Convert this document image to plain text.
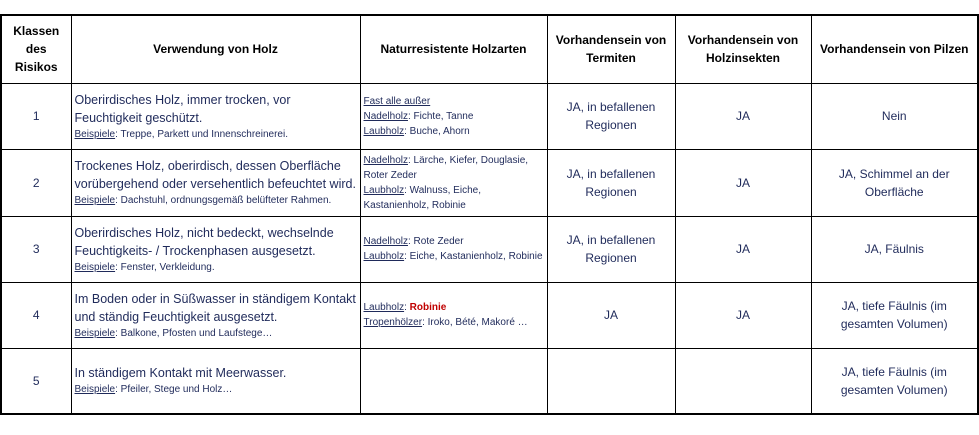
Klassen des Risikos	Verwendung von Holz	Naturresistente Holzarten	Vorhandensein von Termiten	Vorhandensein von Holzinsekten	Vorhandensein von Pilzen
1	Oberirdisches Holz, immer trocken, vor Feuchtigkeit geschützt.
Beispiele: Treppe, Parkett und Innenschreinerei.	Fast alle außer
Nadelholz: Fichte, Tanne
Laubholz: Buche, Ahorn	JA, in befallenen Regionen	JA	Nein
2	Trockenes Holz, oberirdisch, dessen Oberfläche vorübergehend oder versehentlich befeuchtet wird.
Beispiele: Dachstuhl, ordnungsgemäß belüfteter Rahmen.	Nadelholz: Lärche, Kiefer, Douglasie, Roter Zeder
Laubholz: Walnuss, Eiche, Kastanienholz, Robinie	JA, in befallenen Regionen	JA	JA, Schimmel an der Oberfläche
3	Oberirdisches Holz, nicht bedeckt, wechselnde Feuchtigkeits- / Trockenphasen ausgesetzt.
Beispiele: Fenster, Verkleidung.	Nadelholz: Rote Zeder
Laubholz: Eiche, Kastanienholz, Robinie	JA, in befallenen Regionen	JA	JA, Fäulnis
4	Im Boden oder in Süßwasser in ständigem Kontakt und ständig Feuchtigkeit ausgesetzt.
Beispiele: Balkone, Pfosten und Laufstege…	Laubholz: Robinie
Tropenhölzer: Iroko, Bété, Makoré …	JA	JA	JA, tiefe Fäulnis (im gesamten Volumen)
5	In ständigem Kontakt mit Meerwasser.
Beispiele: Pfeiler, Stege und Holz…				JA, tiefe Fäulnis (im gesamten Volumen)
